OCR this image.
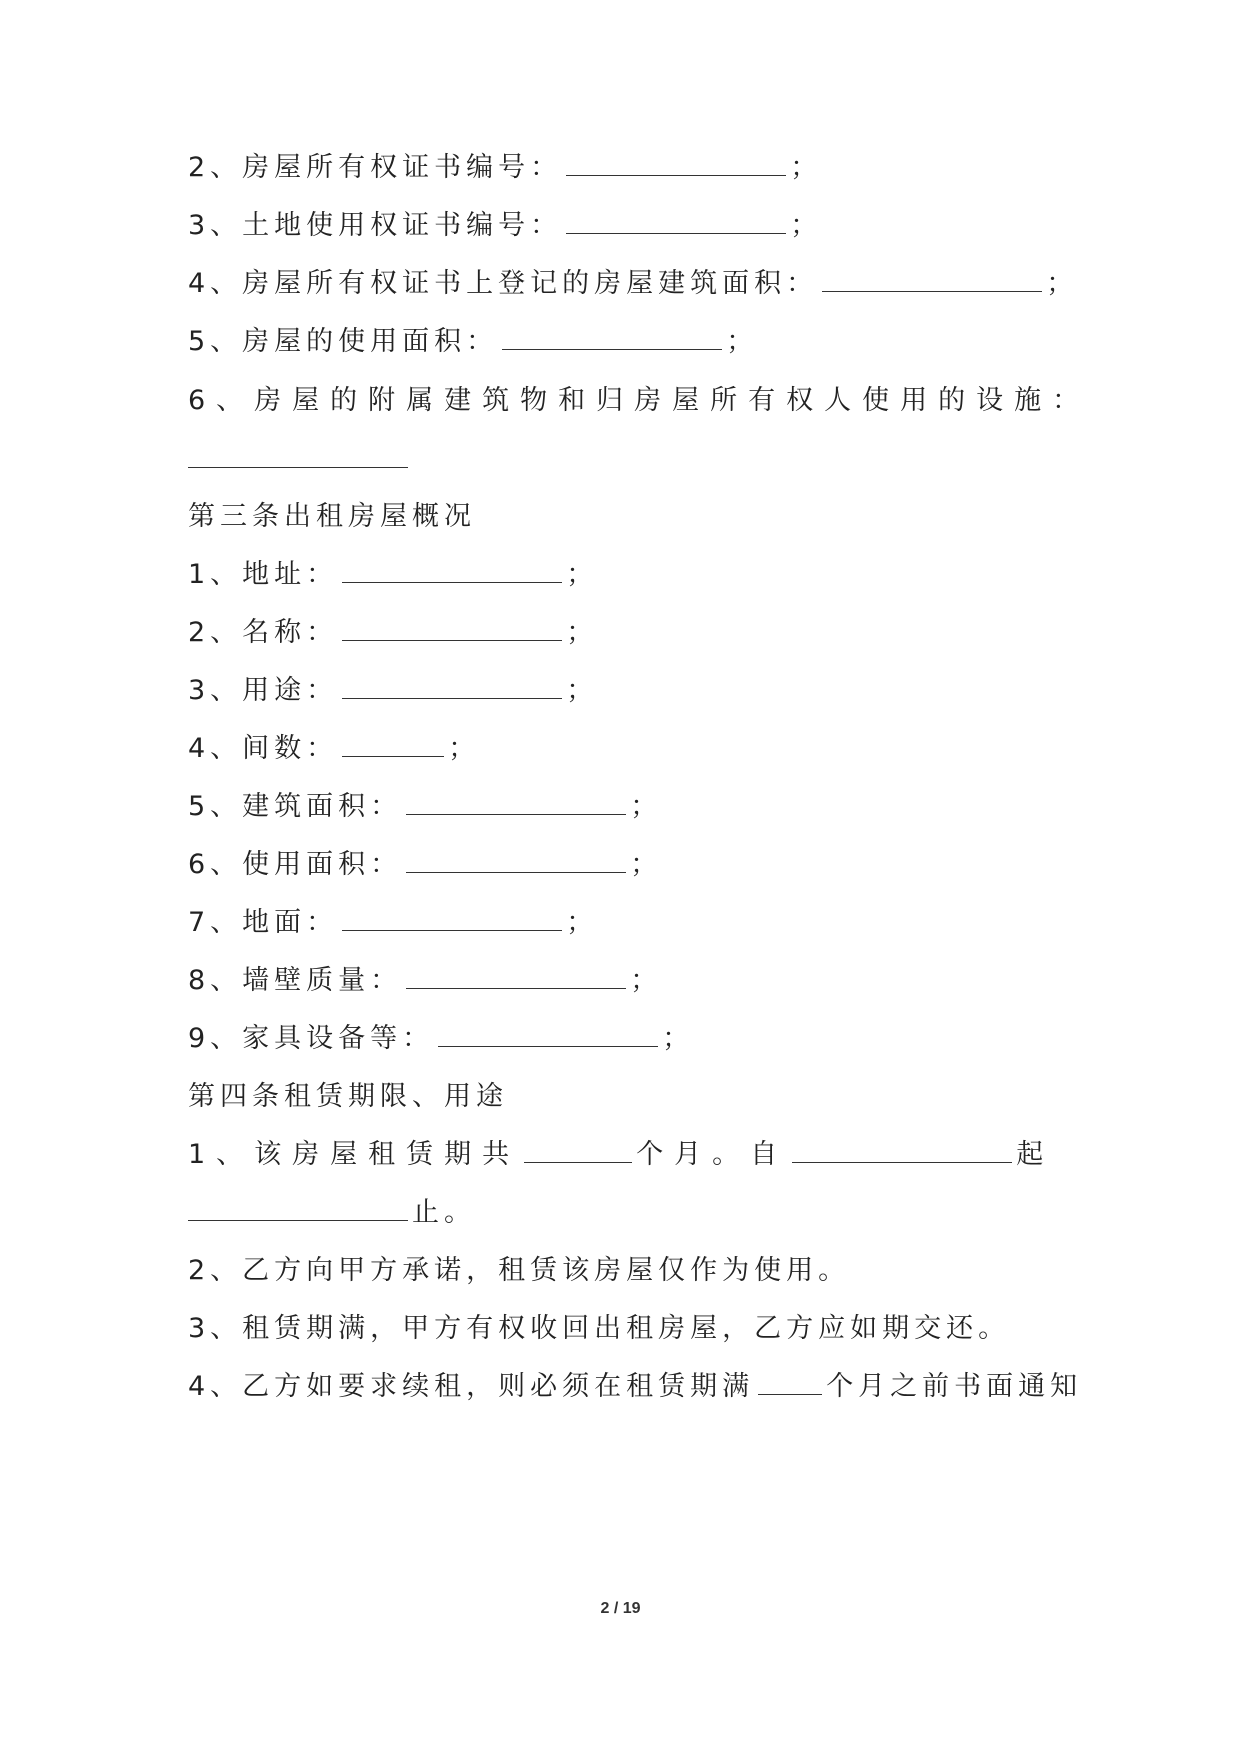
2、房屋所有权证书编号：	；
3、土地使用权证书编号：	；
4、房屋所有权证书上登记的房屋建筑面积：	；
5、房屋的使用面积：	；
6、房屋的附属建筑物和归房屋所有权人使用的设施：
第三条出租房屋概况
1、地址：	；
2、名称：	；
3、用途：	；
4、间数：	；
5、建筑面积：	；
6、使用面积：	；
7、地面：	；
8、墙壁质量：	；
9、家具设备等：	；
第四条租赁期限、用途
1、该房屋租赁期共	个月。自	起
止。
2、乙方向甲方承诺，租赁该房屋仅作为使用。
3、租赁期满，甲方有权收回出租房屋，乙方应如期交还。
4、乙方如要求续租，则必须在租赁期满	个月之前书面通知
2 / 19
